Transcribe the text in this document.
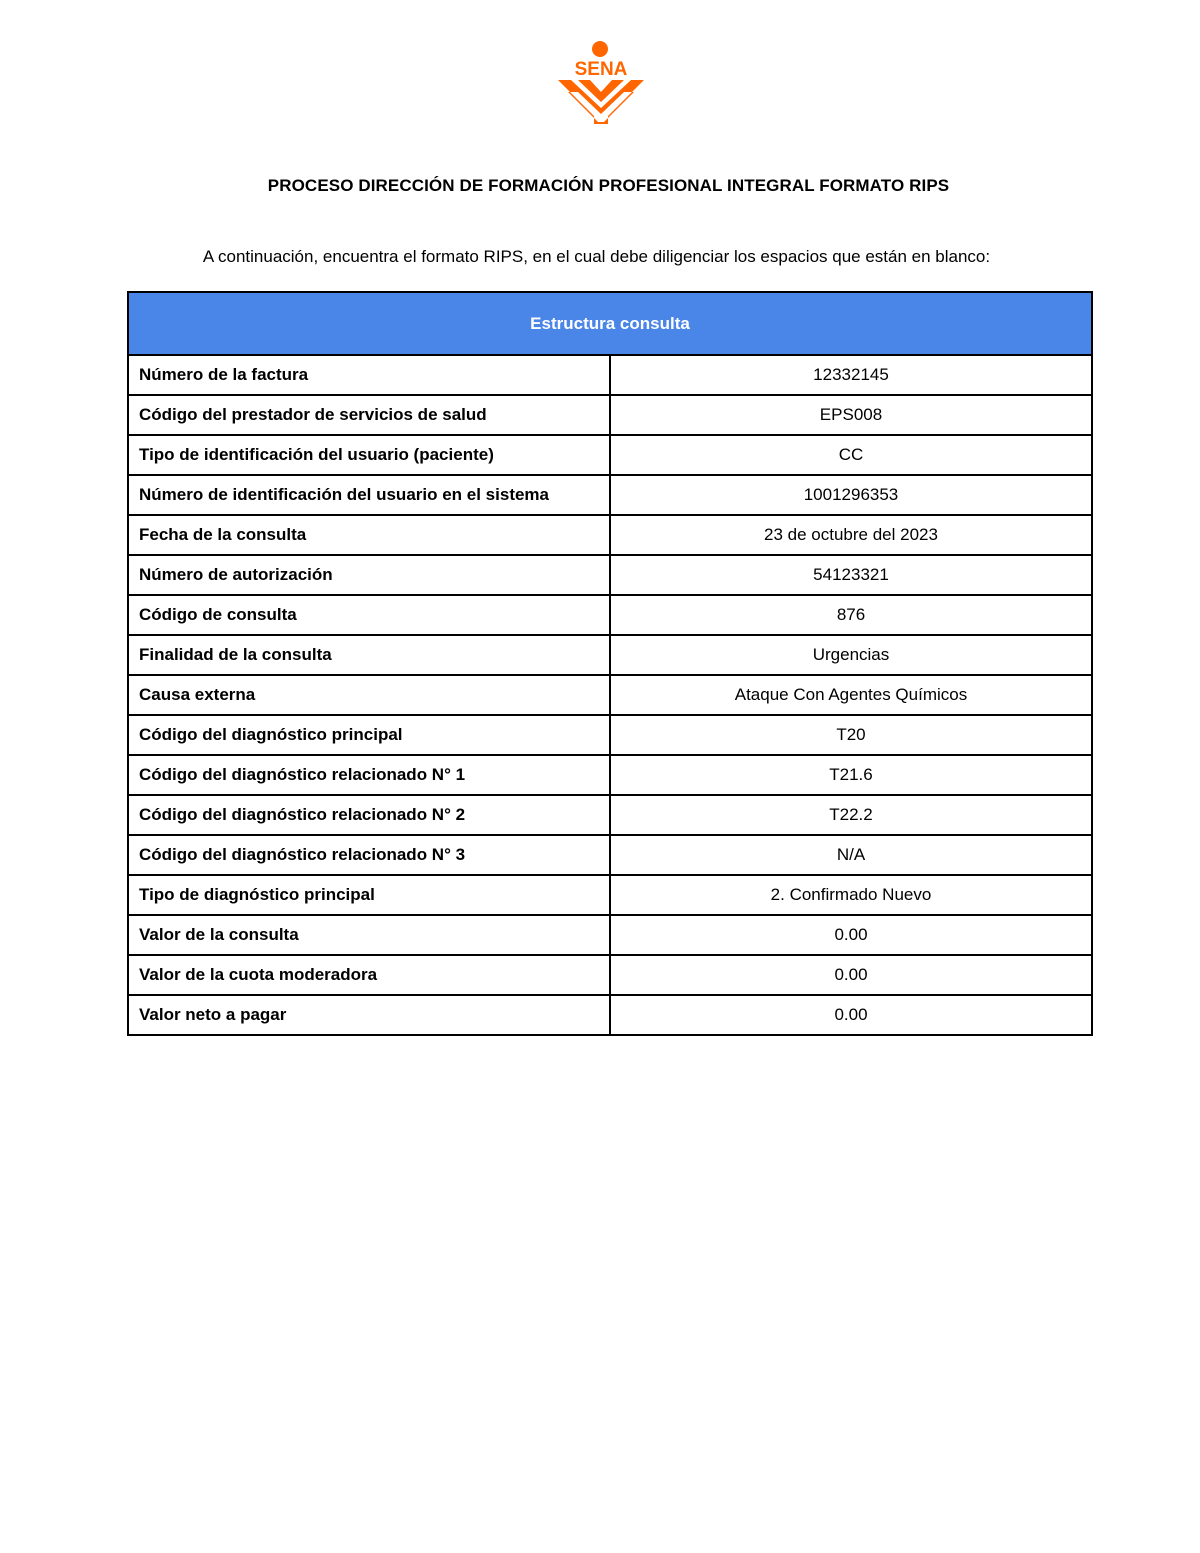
SENA
PROCESO DIRECCIÓN DE FORMACIÓN PROFESIONAL INTEGRAL FORMATO RIPS
A continuación, encuentra el formato RIPS, en el cual debe diligenciar los espacios que están en blanco:
Estructura consulta	
Número de la factura	12332145
Código del prestador de servicios de salud	EPS008
Tipo de identificación del usuario (paciente)	CC
Número de identificación del usuario en el sistema	1001296353
Fecha de la consulta	23 de octubre del 2023
Número de autorización	54123321
Código de consulta	876
Finalidad de la consulta	Urgencias
Causa externa	Ataque Con Agentes Químicos
Código del diagnóstico principal	T20
Código del diagnóstico relacionado N° 1	T21.6
Código del diagnóstico relacionado N° 2	T22.2
Código del diagnóstico relacionado N° 3	N/A
Tipo de diagnóstico principal	2. Confirmado Nuevo
Valor de la consulta	0.00
Valor de la cuota moderadora	0.00
Valor neto a pagar	0.00
